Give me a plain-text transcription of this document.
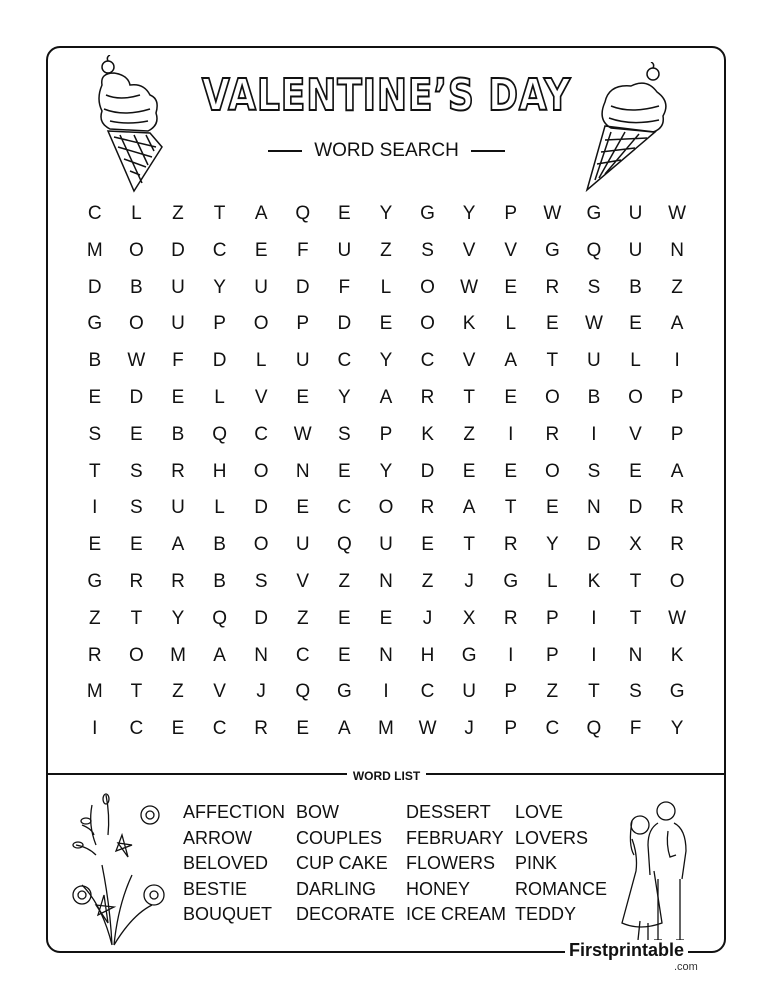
VALENTINE’S DAY
WORD SEARCH
C	L	Z	T	A	Q	E	Y	G	Y	P	W	G	U	W
M	O	D	C	E	F	U	Z	S	V	V	G	Q	U	N
D	B	U	Y	U	D	F	L	O	W	E	R	S	B	Z
G	O	U	P	O	P	D	E	O	K	L	E	W	E	A
B	W	F	D	L	U	C	Y	C	V	A	T	U	L	I
E	D	E	L	V	E	Y	A	R	T	E	O	B	O	P
S	E	B	Q	C	W	S	P	K	Z	I	R	I	V	P
T	S	R	H	O	N	E	Y	D	E	E	O	S	E	A
I	S	U	L	D	E	C	O	R	A	T	E	N	D	R
E	E	A	B	O	U	Q	U	E	T	R	Y	D	X	R
G	R	R	B	S	V	Z	N	Z	J	G	L	K	T	O
Z	T	Y	Q	D	Z	E	E	J	X	R	P	I	T	W
R	O	M	A	N	C	E	N	H	G	I	P	I	N	K
M	T	Z	V	J	Q	G	I	C	U	P	Z	T	S	G
I	C	E	C	R	E	A	M	W	J	P	C	Q	F	Y
WORD LIST
AFFECTION
ARROW
BELOVED
BESTIE
BOUQUET
BOW
COUPLES
CUP CAKE
DARLING
DECORATE
DESSERT
FEBRUARY
FLOWERS
HONEY
ICE CREAM
LOVE
LOVERS
PINK
ROMANCE
TEDDY
Firstprintable
.com
